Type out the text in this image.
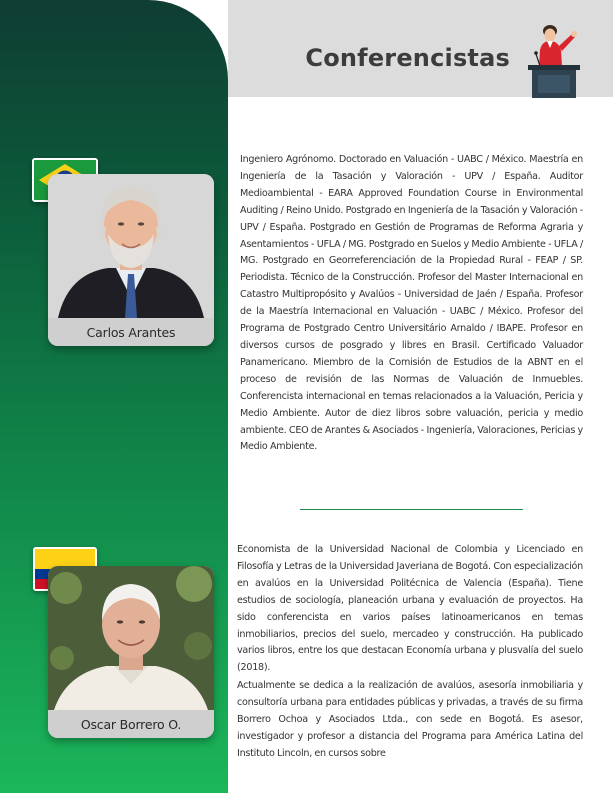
Conferencistas
Carlos Arantes

Ingeniero Agrónomo. Doctorado en Valuación - UABC / México. Maestría en Ingeniería de la Tasación y Valoración - UPV / España. Auditor Medioambiental - EARA Approved Foundation Course in Environmental Auditing / Reino Unido. Postgrado en Ingeniería de la Tasación y Valoración - UPV / España. Postgrado en Gestión de Programas de Reforma Agraria y Asentamientos - UFLA / MG. Postgrado en Suelos y Medio Ambiente - UFLA / MG. Postgrado en Georreferenciación de la Propiedad Rural - FEAP / SP. Periodista. Técnico de la Construcción. Profesor del Master Internacional en Catastro Multipropósito y Avalúos - Universidad de Jaén / España. Profesor de la Maestría Internacional en Valuación - UABC / México. Profesor del Programa de Postgrado Centro Universitário Arnaldo / IBAPE. Profesor en diversos cursos de posgrado y libres en Brasil. Certificado Valuador Panamericano. Miembro de la Comisión de Estudios de la ABNT en el proceso de revisión de las Normas de Valuación de Inmuebles. Conferencista internacional en temas relacionados a la Valuación, Pericia y Medio Ambiente. Autor de diez libros sobre valuación, pericia y medio ambiente. CEO de Arantes & Asociados - Ingeniería, Valoraciones, Pericias y Medio Ambiente.

Oscar Borrero O.

Economista de la Universidad Nacional de Colombia y Licenciado en Filosofía y Letras de la Universidad Javeriana de Bogotá. Con especialización en avalúos en la Universidad Politécnica de Valencia (España). Tiene estudios de sociología, planeación urbana y evaluación de proyectos. Ha sido conferencista en varios países latinoamericanos en temas inmobiliarios, precios del suelo, mercadeo y construcción. Ha publicado varios libros, entre los que destacan Economía urbana y plusvalía del suelo (2018).

Actualmente se dedica a la realización de avalúos, asesoría inmobiliaria y consultoría urbana para entidades públicas y privadas, a través de su firma Borrero Ochoa y Asociados Ltda., con sede en Bogotá. Es asesor, investigador y profesor a distancia del Programa para América Latina del Instituto Lincoln, en cursos sobre
